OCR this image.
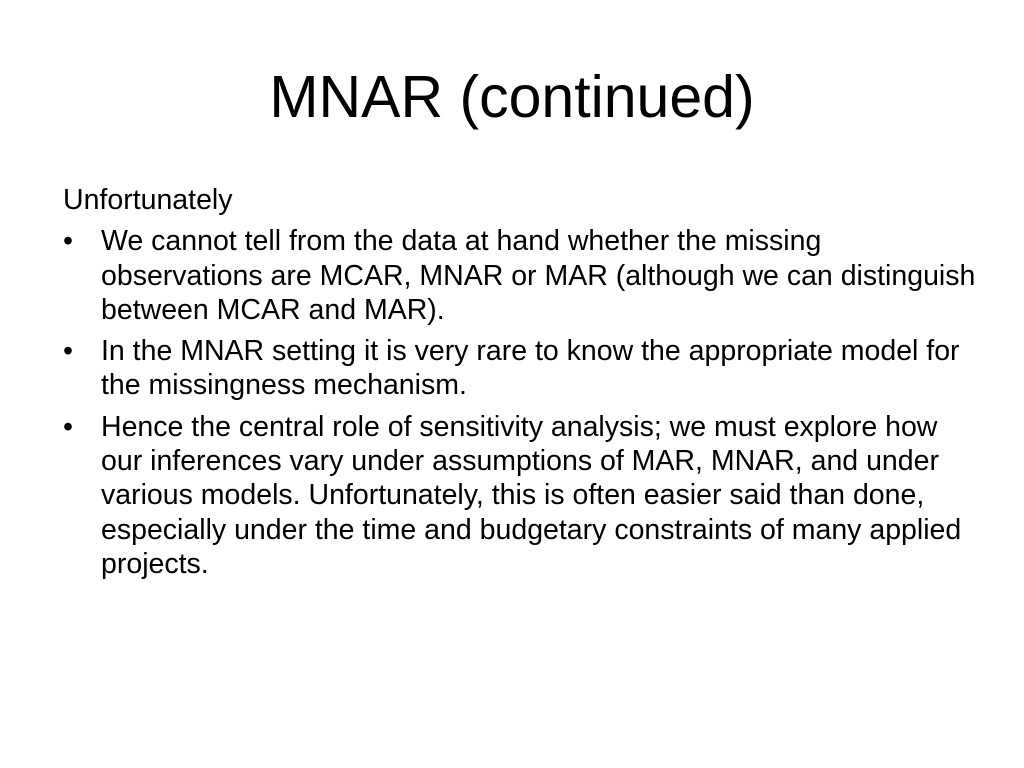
MNAR (continued)

Unfortunately

• We cannot tell from the data at hand whether the missing observations are MCAR, MNAR or MAR (although we can distinguish between MCAR and MAR).
• In the MNAR setting it is very rare to know the appropriate model for the missingness mechanism.
• Hence the central role of sensitivity analysis; we must explore how our inferences vary under assumptions of MAR, MNAR, and under various models. Unfortunately, this is often easier said than done, especially under the time and budgetary constraints of many applied projects.
